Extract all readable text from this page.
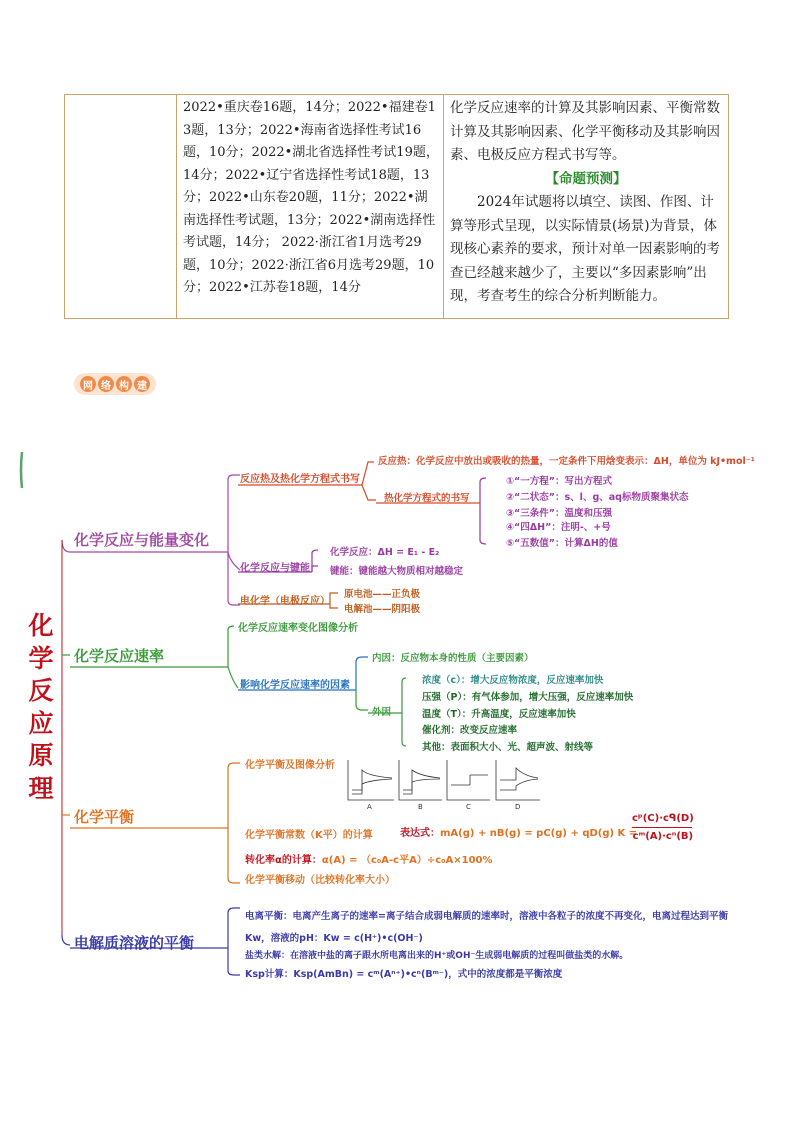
2022•重庆卷16题，14分；2022•福建卷13题，13分；2022•海南省选择性考试16题，10分；2022•湖北省选择性考试19题，14分；2022•辽宁省选择性考试18题，13分；2022•山东卷20题，11分；2022•湖南选择性考试题，13分；2022•湖南选择性考试题，14分； 2022·浙江省1月选考29题，10分；2022·浙江省6月选考29题，10分；2022•江苏卷18题，14分

化学反应速率的计算及其影响因素、平衡常数计算及其影响因素、化学平衡移动及其影响因素、电极反应方程式书写等。

【命题预测】

2024年试题将以填空、读图、作图、计算等形式呈现，以实际情景(场景)为背景，体现核心素养的要求，预计对单一因素影响的考查已经越来越少了，主要以“多因素影响”出现，考查考生的综合分析判断能力。

网 络 构 建
化
学
反
应
原
理
化学反应与能量变化
反应热及热化学方程式书写
反应热：化学反应中放出或吸收的热量，一定条件下用焓变表示：ΔH，单位为 kJ•mol⁻¹
热化学方程式的书写
①“一方程”：写出方程式
②“二状态”：s、l、g、aq标物质聚集状态
③“三条件”：温度和压强
④“四ΔH”：注明-、+号
⑤“五数值”：计算ΔH的值
化学反应与键能
化学反应：ΔH = E₁ - E₂
键能：键能越大物质相对越稳定
电化学（电极反应）
原电池——正负极
电解池——阴阳极
化学反应速率
化学反应速率变化图像分析
影响化学反应速率的因素
内因：反应物本身的性质（主要因素）
外因
浓度（c）：增大反应物浓度，反应速率加快
压强（P）：有气体参加，增大压强，反应速率加快
温度（T）：升高温度，反应速率加快
催化剂：改变反应速率
其他：表面积大小、光、超声波、射线等
化学平衡
化学平衡及图像分析
A	B	C	D
化学平衡常数（K平）的计算	表达式：mA(g) + nB(g) = pC(g) + qD(g) K =
cᵖ(C)·cᑫ(D)
cᵐ(A)·cⁿ(B)
转化率α的计算：α(A) = （c₀A-c平A）÷c₀A×100%
化学平衡移动（比较转化率大小）
电解质溶液的平衡
电离平衡：电离产生离子的速率=离子结合成弱电解质的速率时，溶液中各粒子的浓度不再变化，电离过程达到平衡
Kw，溶液的pH：Kw = c(H⁺)•c(OH⁻)
盐类水解：在溶液中盐的离子跟水所电离出来的H⁺或OH⁻生成弱电解质的过程叫做盐类的水解。
Ksp计算：Ksp(AmBn) = cᵐ(Aⁿ⁺)•cⁿ(Bᵐ⁻)，式中的浓度都是平衡浓度
